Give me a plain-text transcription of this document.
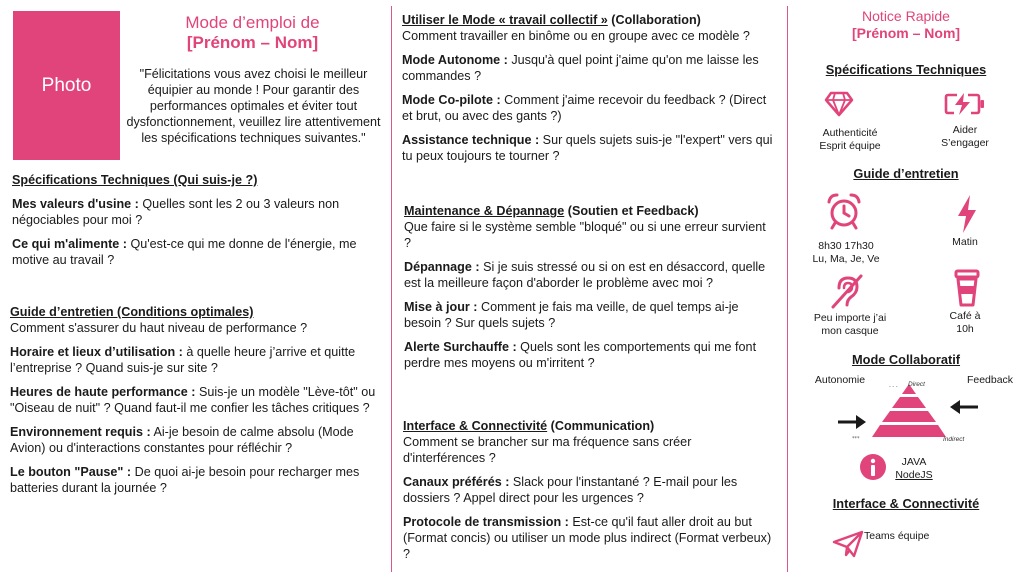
Photo
Mode d’emploi de
[Prénom – Nom]
"Félicitations vous avez choisi le meilleur équipier au monde ! Pour garantir des performances optimales et éviter tout dysfonctionnement, veuillez lire attentivement les spécifications techniques suivantes."
Spécifications Techniques (Qui suis-je ?)
Mes valeurs d'usine : Quelles sont les 2 ou 3 valeurs non négociables pour moi ?
Ce qui m'alimente : Qu'est-ce qui me donne de l'énergie, me motive au travail ?
Guide d’entretien (Conditions optimales)
Comment s'assurer du haut niveau de performance ?
Horaire et lieux d’utilisation : à quelle heure j’arrive et quitte l’entreprise ? Quand suis-je sur site ?
Heures de haute performance : Suis-je un modèle "Lève-tôt" ou "Oiseau de nuit" ? Quand faut-il me confier les tâches critiques ?
Environnement requis : Ai-je besoin de calme absolu (Mode Avion) ou d'interactions constantes pour réfléchir ?
Le bouton "Pause" : De quoi ai-je besoin pour recharger mes batteries durant la journée ?
Utiliser le Mode « travail collectif » (Collaboration)
Comment travailler en binôme ou en groupe avec ce modèle ?
Mode Autonome : Jusqu'à quel point j'aime qu'on me laisse les commandes ?
Mode Co-pilote : Comment j'aime recevoir du feedback ? (Direct et brut, ou avec des gants ?)
Assistance technique : Sur quels sujets suis-je "l'expert" vers qui tu peux toujours te tourner ?
Maintenance & Dépannage (Soutien et Feedback)
Que faire si le système semble "bloqué" ou si une erreur survient ?
Dépannage : Si je suis stressé ou si on est en désaccord, quelle est la meilleure façon d'aborder le problème avec moi ?
Mise à jour : Comment je fais ma veille, de quel temps ai-je besoin ? Sur quels sujets ?
Alerte Surchauffe : Quels sont les comportements qui me font perdre mes moyens ou m'irritent ?
Interface & Connectivité (Communication)
Comment se brancher sur ma fréquence sans créer d'interférences ?
Canaux préférés : Slack pour l'instantané ? E-mail pour les dossiers ? Appel direct pour les urgences ?
Protocole de transmission : Est-ce qu'il faut aller droit au but (Format concis) ou utiliser un mode plus indirect (Format verbeux) ?
Notice Rapide
[Prénom – Nom]
Spécifications Techniques
Authenticité
Esprit équipe
Aider
S’engager
Guide d’entretien
8h30 17h30
Lu, Ma, Je, Ve
Matin
Peu importe j’ai
mon casque
Café à
10h
Mode Collaboratif
Autonomie	Feedback
- - -
***
Direct
Indirect
JAVA
NodeJS
Interface & Connectivité
Teams équipe
